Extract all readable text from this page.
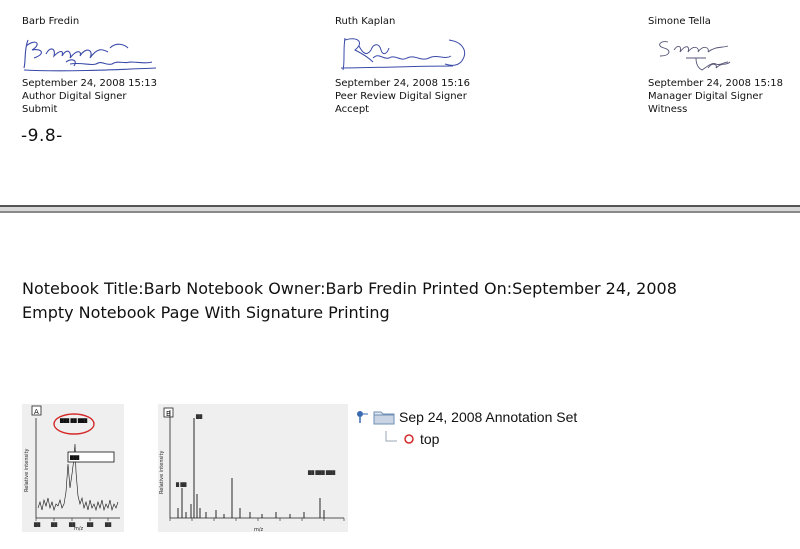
Barb Fredin
September 24, 2008 15:13
Author Digital Signer
Submit
Ruth Kaplan
September 24, 2008 15:16
Peer Review Digital Signer
Accept
Simone Tella
September 24, 2008 15:18
Manager Digital Signer
Witness
-9.8-
Notebook Title:Barb Notebook Owner:Barb Fredin Printed On:September 24, 2008
Empty Notebook Page With Signature Printing
A
Relative intensity
m/z
██	██	██	██	██
███ ██ ███
███
B
Relative intensity
m/z
██
█ ██
██ ███ ███
Sep 24, 2008 Annotation Set
top
